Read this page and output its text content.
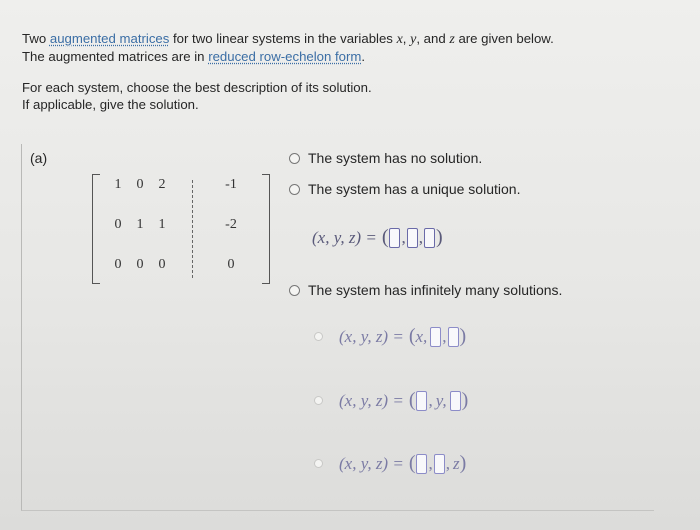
Two augmented matrices for two linear systems in the variables x, y, and z are given below.

The augmented matrices are in reduced row-echelon form.

For each system, choose the best description of its solution.

If applicable, give the solution.

(a)
1	0	2	-1
0	1	1	-2
0	0	0	0
The system has no solution.
The system has a unique solution.
(x, y, z) = ( , , )
The system has infinitely many solutions.
(x, y, z) = ( x, , )
(x, y, z) = ( , y, )
(x, y, z) = ( , , z )
